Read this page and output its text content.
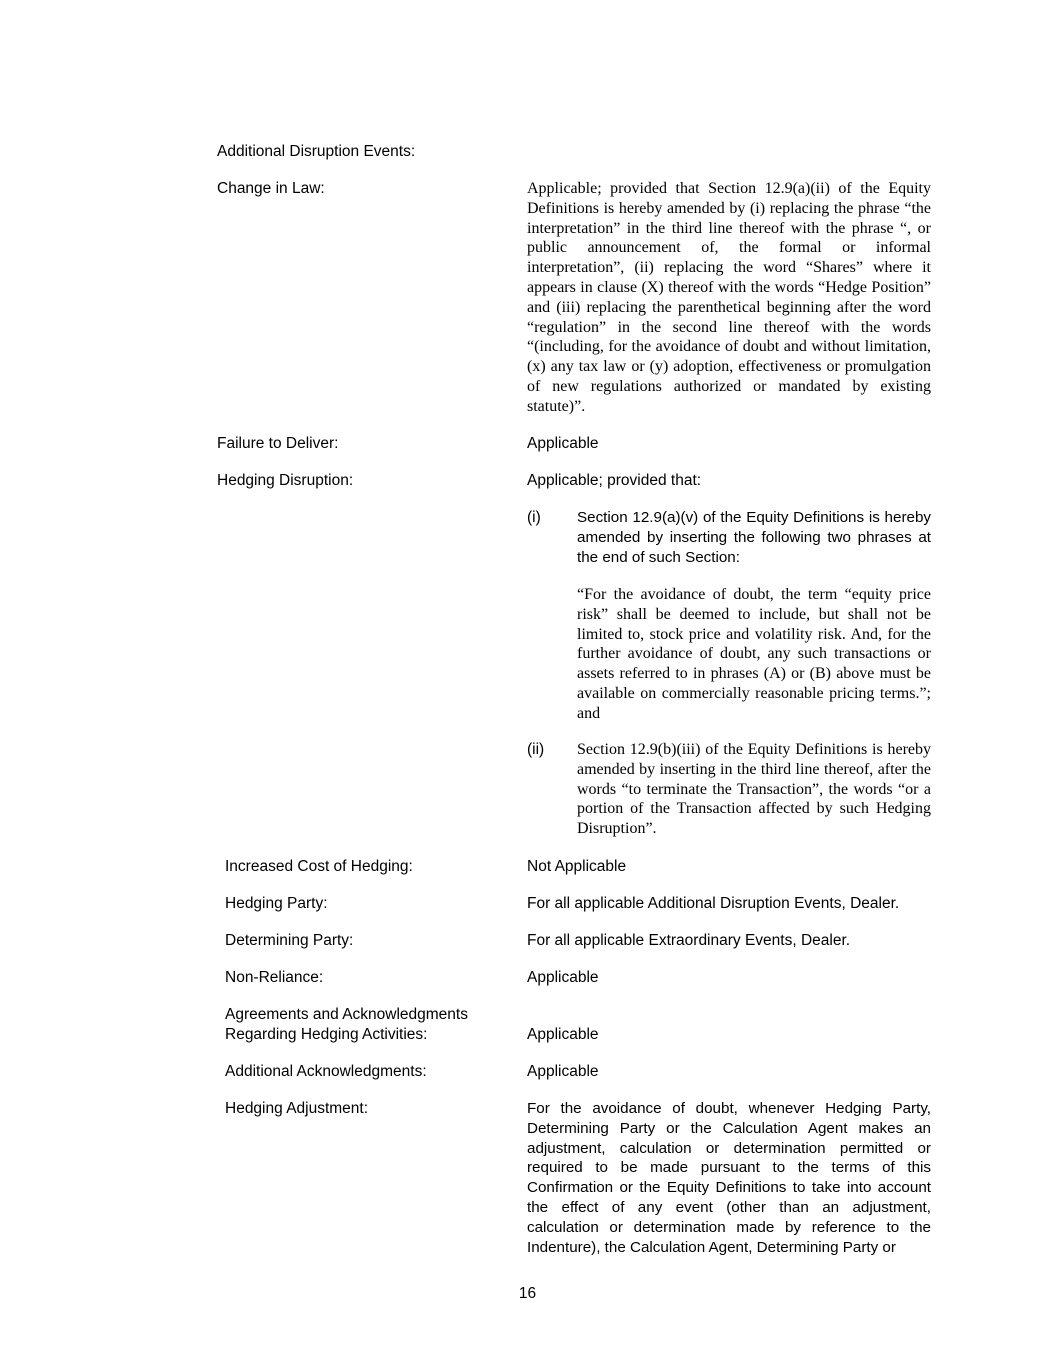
Additional Disruption Events:
Change in Law:	Applicable; provided that Section 12.9(a)(ii) of the Equity Definitions is hereby amended by (i) replacing the phrase “the interpretation” in the third line thereof with the phrase “, or public announcement of, the formal or informal interpretation”, (ii) replacing the word “Shares” where it appears in clause (X) thereof with the words “Hedge Position” and (iii) replacing the parenthetical beginning after the word “regulation” in the second line thereof with the words “(including, for the avoidance of doubt and without limitation, (x) any tax law or (y) adoption, effectiveness or promulgation of new regulations authorized or mandated by existing statute)”.
Failure to Deliver:	Applicable
Hedging Disruption:	Applicable; provided that:
(i) Section 12.9(a)(v) of the Equity Definitions is hereby amended by inserting the following two phrases at the end of such Section:
“For the avoidance of doubt, the term “equity price risk” shall be deemed to include, but shall not be limited to, stock price and volatility risk. And, for the further avoidance of doubt, any such transactions or assets referred to in phrases (A) or (B) above must be available on commercially reasonable pricing terms.”; and
(ii) Section 12.9(b)(iii) of the Equity Definitions is hereby amended by inserting in the third line thereof, after the words “to terminate the Transaction”, the words “or a portion of the Transaction affected by such Hedging Disruption”.
Increased Cost of Hedging:	Not Applicable
Hedging Party:	For all applicable Additional Disruption Events, Dealer.
Determining Party:	For all applicable Extraordinary Events, Dealer.
Non-Reliance:	Applicable
Agreements and Acknowledgments Regarding Hedging Activities:	Applicable
Additional Acknowledgments:	Applicable
Hedging Adjustment:	For the avoidance of doubt, whenever Hedging Party, Determining Party or the Calculation Agent makes an adjustment, calculation or determination permitted or required to be made pursuant to the terms of this Confirmation or the Equity Definitions to take into account the effect of any event (other than an adjustment, calculation or determination made by reference to the Indenture), the Calculation Agent, Determining Party or
16
